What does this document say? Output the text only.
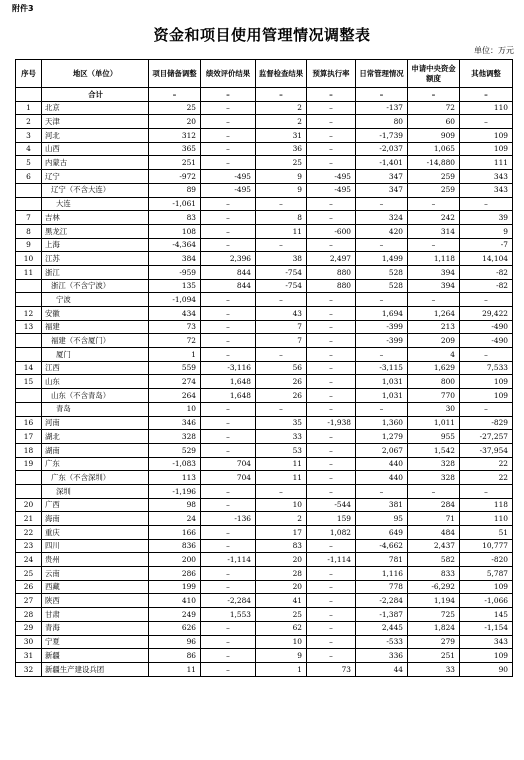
附件3
资金和项目使用管理情况调整表
单位：万元
序号	地区（单位）	项目储备调整	绩效评价结果	监督检查结果	预算执行率	日常管理情况	申请中央资金额度	其他调整
	合计	–	–	–	–	–	–	–
1	北京	25	–	2	–	-137	72	110
2	天津	20	–	2	–	80	60	–
3	河北	312	–	31	–	-1,739	909	109
4	山西	365	–	36	–	-2,037	1,065	109
5	内蒙古	251	–	25	–	-1,401	-14,880	111
6	辽宁	-972	-495	9	-495	347	259	343
	辽宁（不含大连）	89	-495	9	-495	347	259	343
	大连	-1,061	–	–	–	–	–	–
7	吉林	83	–	8	–	324	242	39
8	黑龙江	108	–	11	-600	420	314	9
9	上海	-4,364	–	–	–	–	–	-7
10	江苏	384	2,396	38	2,497	1,499	1,118	14,104
11	浙江	-959	844	-754	880	528	394	-82
	浙江（不含宁波）	135	844	-754	880	528	394	-82
	宁波	-1,094	–	–	–	–	–	–
12	安徽	434	–	43	–	1,694	1,264	29,422
13	福建	73	–	7	–	-399	213	-490
	福建（不含厦门）	72	–	7	–	-399	209	-490
	厦门	1	–	–	–	–	4	–
14	江西	559	-3,116	56	–	-3,115	1,629	7,533
15	山东	274	1,648	26	–	1,031	800	109
	山东（不含青岛）	264	1,648	26	–	1,031	770	109
	青岛	10	–	–	–	–	30	–
16	河南	346	–	35	-1,938	1,360	1,011	-829
17	湖北	328	–	33	–	1,279	955	-27,257
18	湖南	529	–	53	–	2,067	1,542	-37,954
19	广东	-1,083	704	11	–	440	328	22
	广东（不含深圳）	113	704	11	–	440	328	22
	深圳	-1,196	–	–	–	–	–	–
20	广西	98	–	10	-544	381	284	118
21	海南	24	-136	2	159	95	71	110
22	重庆	166	–	17	1,082	649	484	51
23	四川	836	–	83	–	-4,662	2,437	10,777
24	贵州	200	-1,114	20	-1,114	781	582	-820
25	云南	286	–	28	–	1,116	833	5,787
26	西藏	199	–	20	–	778	-6,292	109
27	陕西	410	-2,284	41	–	-2,284	1,194	-1,066
28	甘肃	249	1,553	25	–	-1,387	725	145
29	青海	626	–	62	–	2,445	1,824	-1,154
30	宁夏	96	–	10	–	-533	279	343
31	新疆	86	–	9	–	336	251	109
32	新疆生产建设兵团	11	–	1	73	44	33	90
